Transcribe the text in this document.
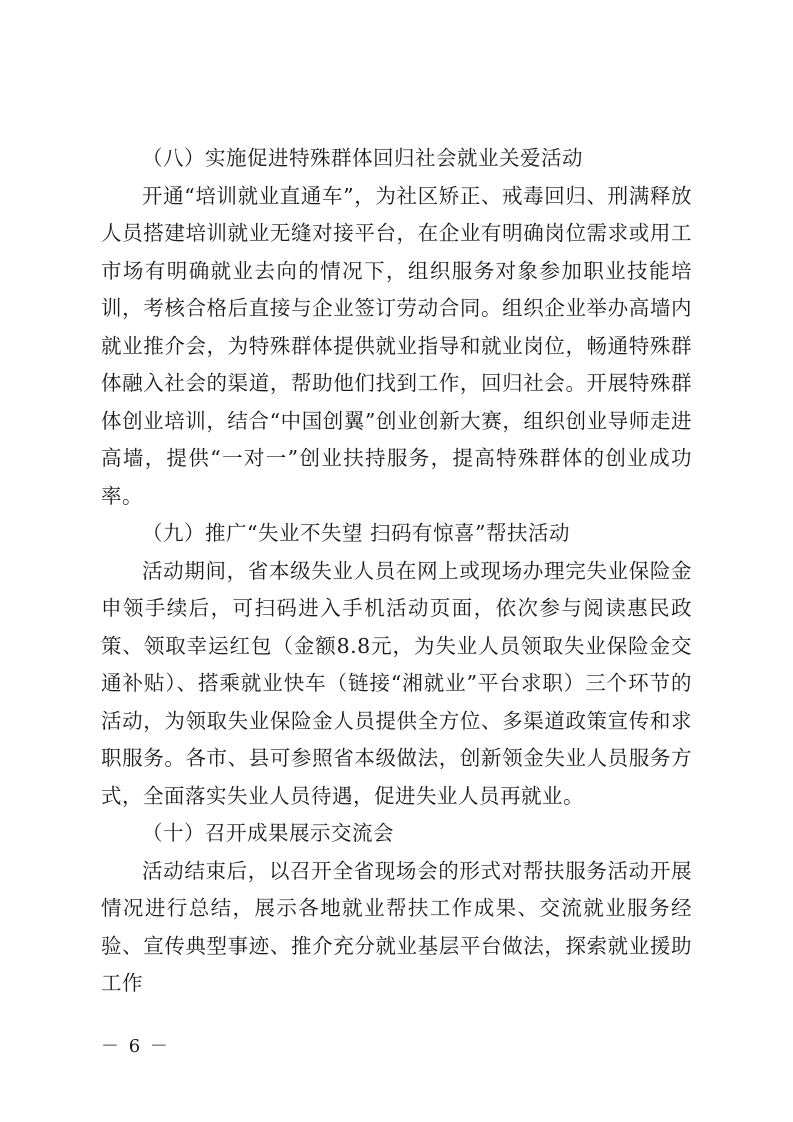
（八）实施促进特殊群体回归社会就业关爱活动

开通“培训就业直通车”，为社区矫正、戒毒回归、刑满释放人员搭建培训就业无缝对接平台，在企业有明确岗位需求或用工市场有明确就业去向的情况下，组织服务对象参加职业技能培训，考核合格后直接与企业签订劳动合同。组织企业举办高墙内就业推介会，为特殊群体提供就业指导和就业岗位，畅通特殊群体融入社会的渠道，帮助他们找到工作，回归社会。开展特殊群体创业培训，结合“中国创翼”创业创新大赛，组织创业导师走进高墙，提供“一对一”创业扶持服务，提高特殊群体的创业成功率。

（九）推广“失业不失望 扫码有惊喜”帮扶活动

活动期间，省本级失业人员在网上或现场办理完失业保险金申领手续后，可扫码进入手机活动页面，依次参与阅读惠民政策、领取幸运红包（金额8.8元，为失业人员领取失业保险金交通补贴）、搭乘就业快车（链接“湘就业”平台求职）三个环节的活动，为领取失业保险金人员提供全方位、多渠道政策宣传和求职服务。各市、县可参照省本级做法，创新领金失业人员服务方式，全面落实失业人员待遇，促进失业人员再就业。

（十）召开成果展示交流会

活动结束后，以召开全省现场会的形式对帮扶服务活动开展情况进行总结，展示各地就业帮扶工作成果、交流就业服务经验、宣传典型事迹、推介充分就业基层平台做法，探索就业援助工作

－ 6 －
